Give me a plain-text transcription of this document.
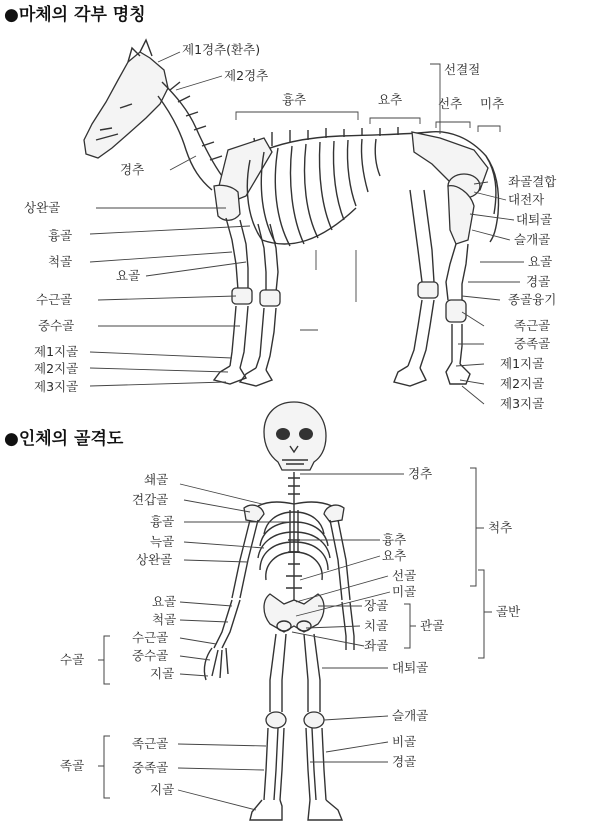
●마체의 각부 명칭
제1경추(환추)
제2경추	선결절
흉추	요추	선추 미추
경추
좌골결합
대전자
상완골
대퇴골
흉골	슬개골
척골	요골
요골	경골
수근골	종골융기
중수골	족근골
중족골
제1지골
제1지골
제2지골
제2지골
제3지골
제3지골
●인체의 골격도
경추
쇄골
견갑골
척추
흉골
늑골	흉추
상완골	요추
선골
미골
골반
요골	장골
척골	치골	관골
수근골
좌골
중수골
수골
지골	대퇴골
슬개골
족근골	비골
족골	중족골	경골
지골
